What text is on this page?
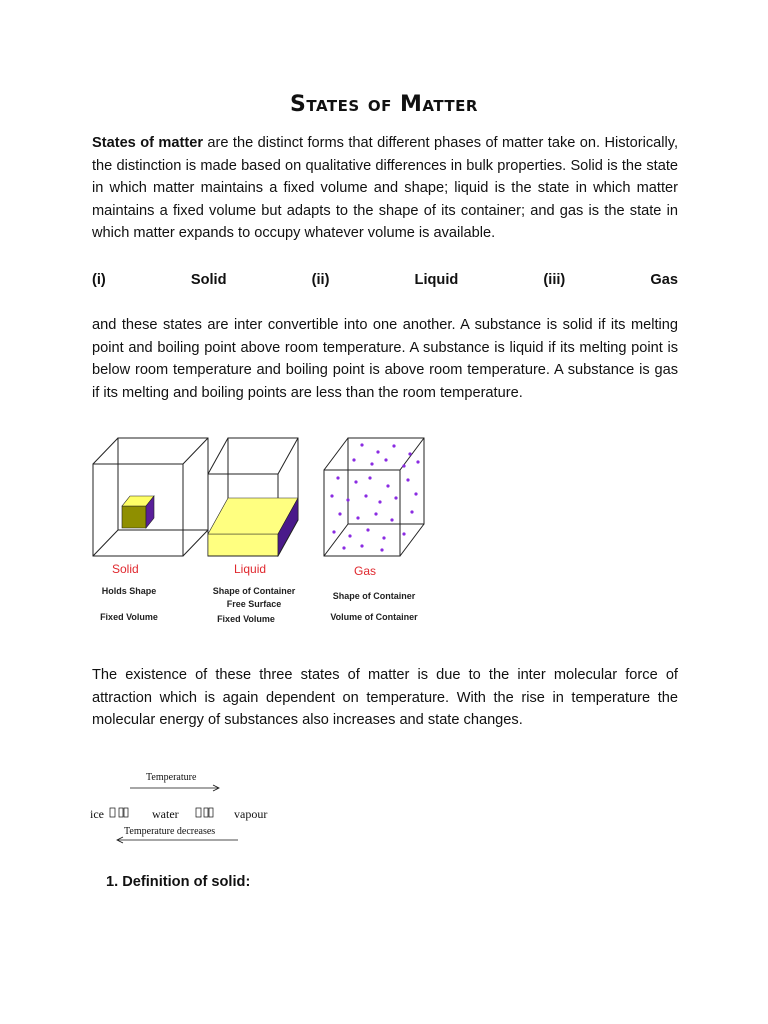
States of Matter

States of matter are the distinct forms that different phases of matter take on. Historically, the distinction is made based on qualitative differences in bulk properties. Solid is the state in which matter maintains a fixed volume and shape; liquid is the state in which matter maintains a fixed volume but adapts to the shape of its container; and gas is the state in which matter expands to occupy whatever volume is available.

(i)	Solid	(ii)	Liquid	(iii)	Gas

and these states are inter convertible into one another. A substance is solid if its melting point and boiling point above room temperature. A substance is liquid if its melting point is below room temperature and boiling point is above room temperature. A substance is gas if its melting and boiling points are less than the room temperature.

Solid
Holds Shape
Fixed Volume
Liquid
Shape of Container
Free Surface
Fixed Volume
Gas
Shape of Container
Volume of Container

The existence of these three states of matter is due to the inter molecular force of attraction which is again dependent on temperature. With the rise in temperature the molecular energy of substances also increases and state changes.

Temperature
ice	water	vapour
Temperature decreases
1. Definition of solid:
